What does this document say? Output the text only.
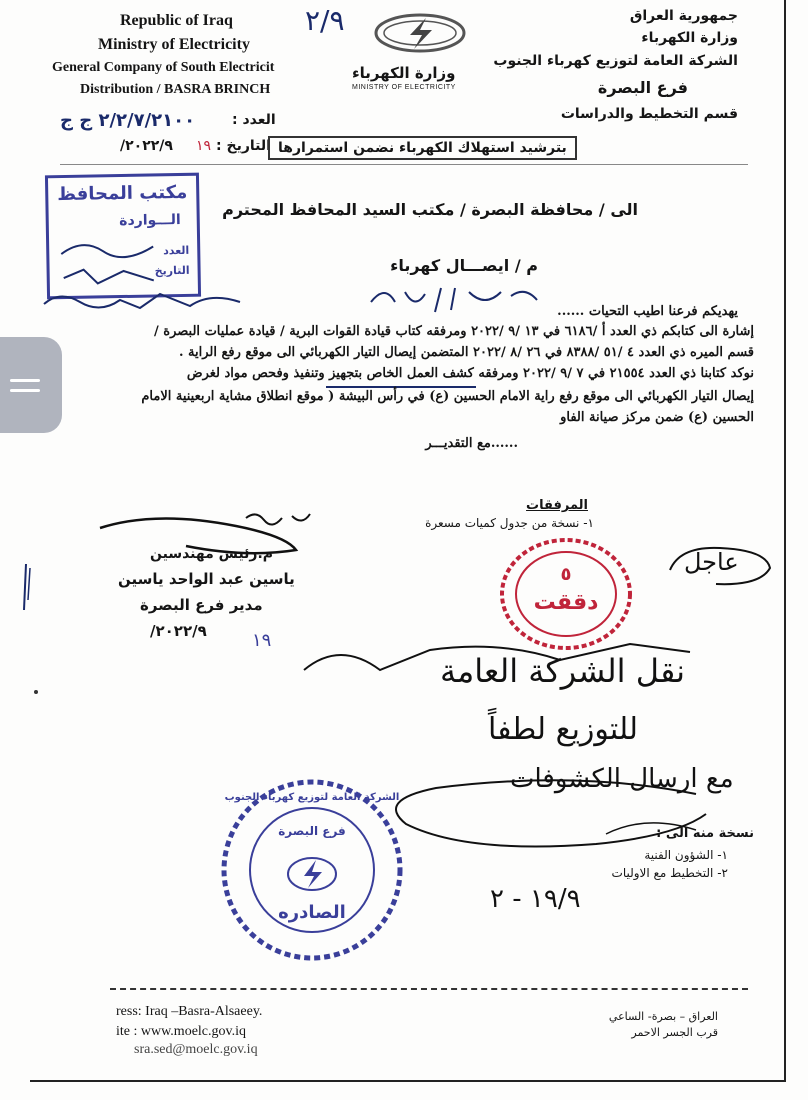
Republic of Iraq
Ministry of Electricity
General Company of South Electricit
Distribution / BASRA BRINCH
٢/٩
وزارة الكهرباء
MINISTRY OF ELECTRICITY
جمهورية العراق
وزارة الكهرباء
الشركة العامة لتوزيع كهرباء الجنوب
فرع البصرة
قسم التخطيط والدراسات
العدد :
٢/٢/٧/٢١٠٠ ج ج
التاريخ :
١٩
٢٠٢٢/٩/	بترشيد استهلاك الكهرباء نضمن استمرارها
مكتب المحافظ
الـــواردة
العدد
التاريخ
الى / محافظة البصرة / مكتب السيد المحافظ المحترم
م / ايصـــال كهرباء
يهديكم فرعنا اطيب التحيات ......
إشارة الى كتابكم ذي العدد أ /٦١٨٦ في ١٣ /٩ /٢٠٢٢ ومرفقه كتاب قيادة القوات البرية / قيادة عمليات البصرة /
قسم الميره ذي العدد ٤ /٥١ /٨٣٨٨ في ٢٦ /٨ /٢٠٢٢ المتضمن إيصال التيار الكهربائي الى موقع رفع الراية .
نوكد كتابنا ذي العدد ٢١٥٥٤ في ٧ /٩ /٢٠٢٢ ومرفقه كشف العمل الخاص بتجهيز وتنفيذ وفحص مواد لغرض
إيصال التيار الكهربائي الى موقع رفع راية الامام الحسين (ع) في رأس البيشة ( موقع انطلاق مشاية اربعينية الامام
الحسين (ع) ضمن مركز صيانة الفاو
......مع التقديـــر
المرفقات
١- نسخة من جدول كميات مسعرة
م.رئيس مهندسين
ياسين عبد الواحد ياسين
مدير فرع البصرة
٢٠٢٢/٩/	١٩
٥
دققت
عاجل
نقل الشركة العامة
للتوزيع لطفاً
مع ارسال الكشوفات
١٩/٩ - ٢
الشركة العامة لتوزيع كهرباء الجنوب
فرع البصرة
الصادره
نسخة منه الى :
١- الشؤون الفنية
٢- التخطيط مع الاوليات
ress: Iraq –Basra-Alsaeey.
ite : www.moelc.gov.iq
sra.sed@moelc.gov.iq
العراق – بصرة- الساعي
قرب الجسر الاحمر
